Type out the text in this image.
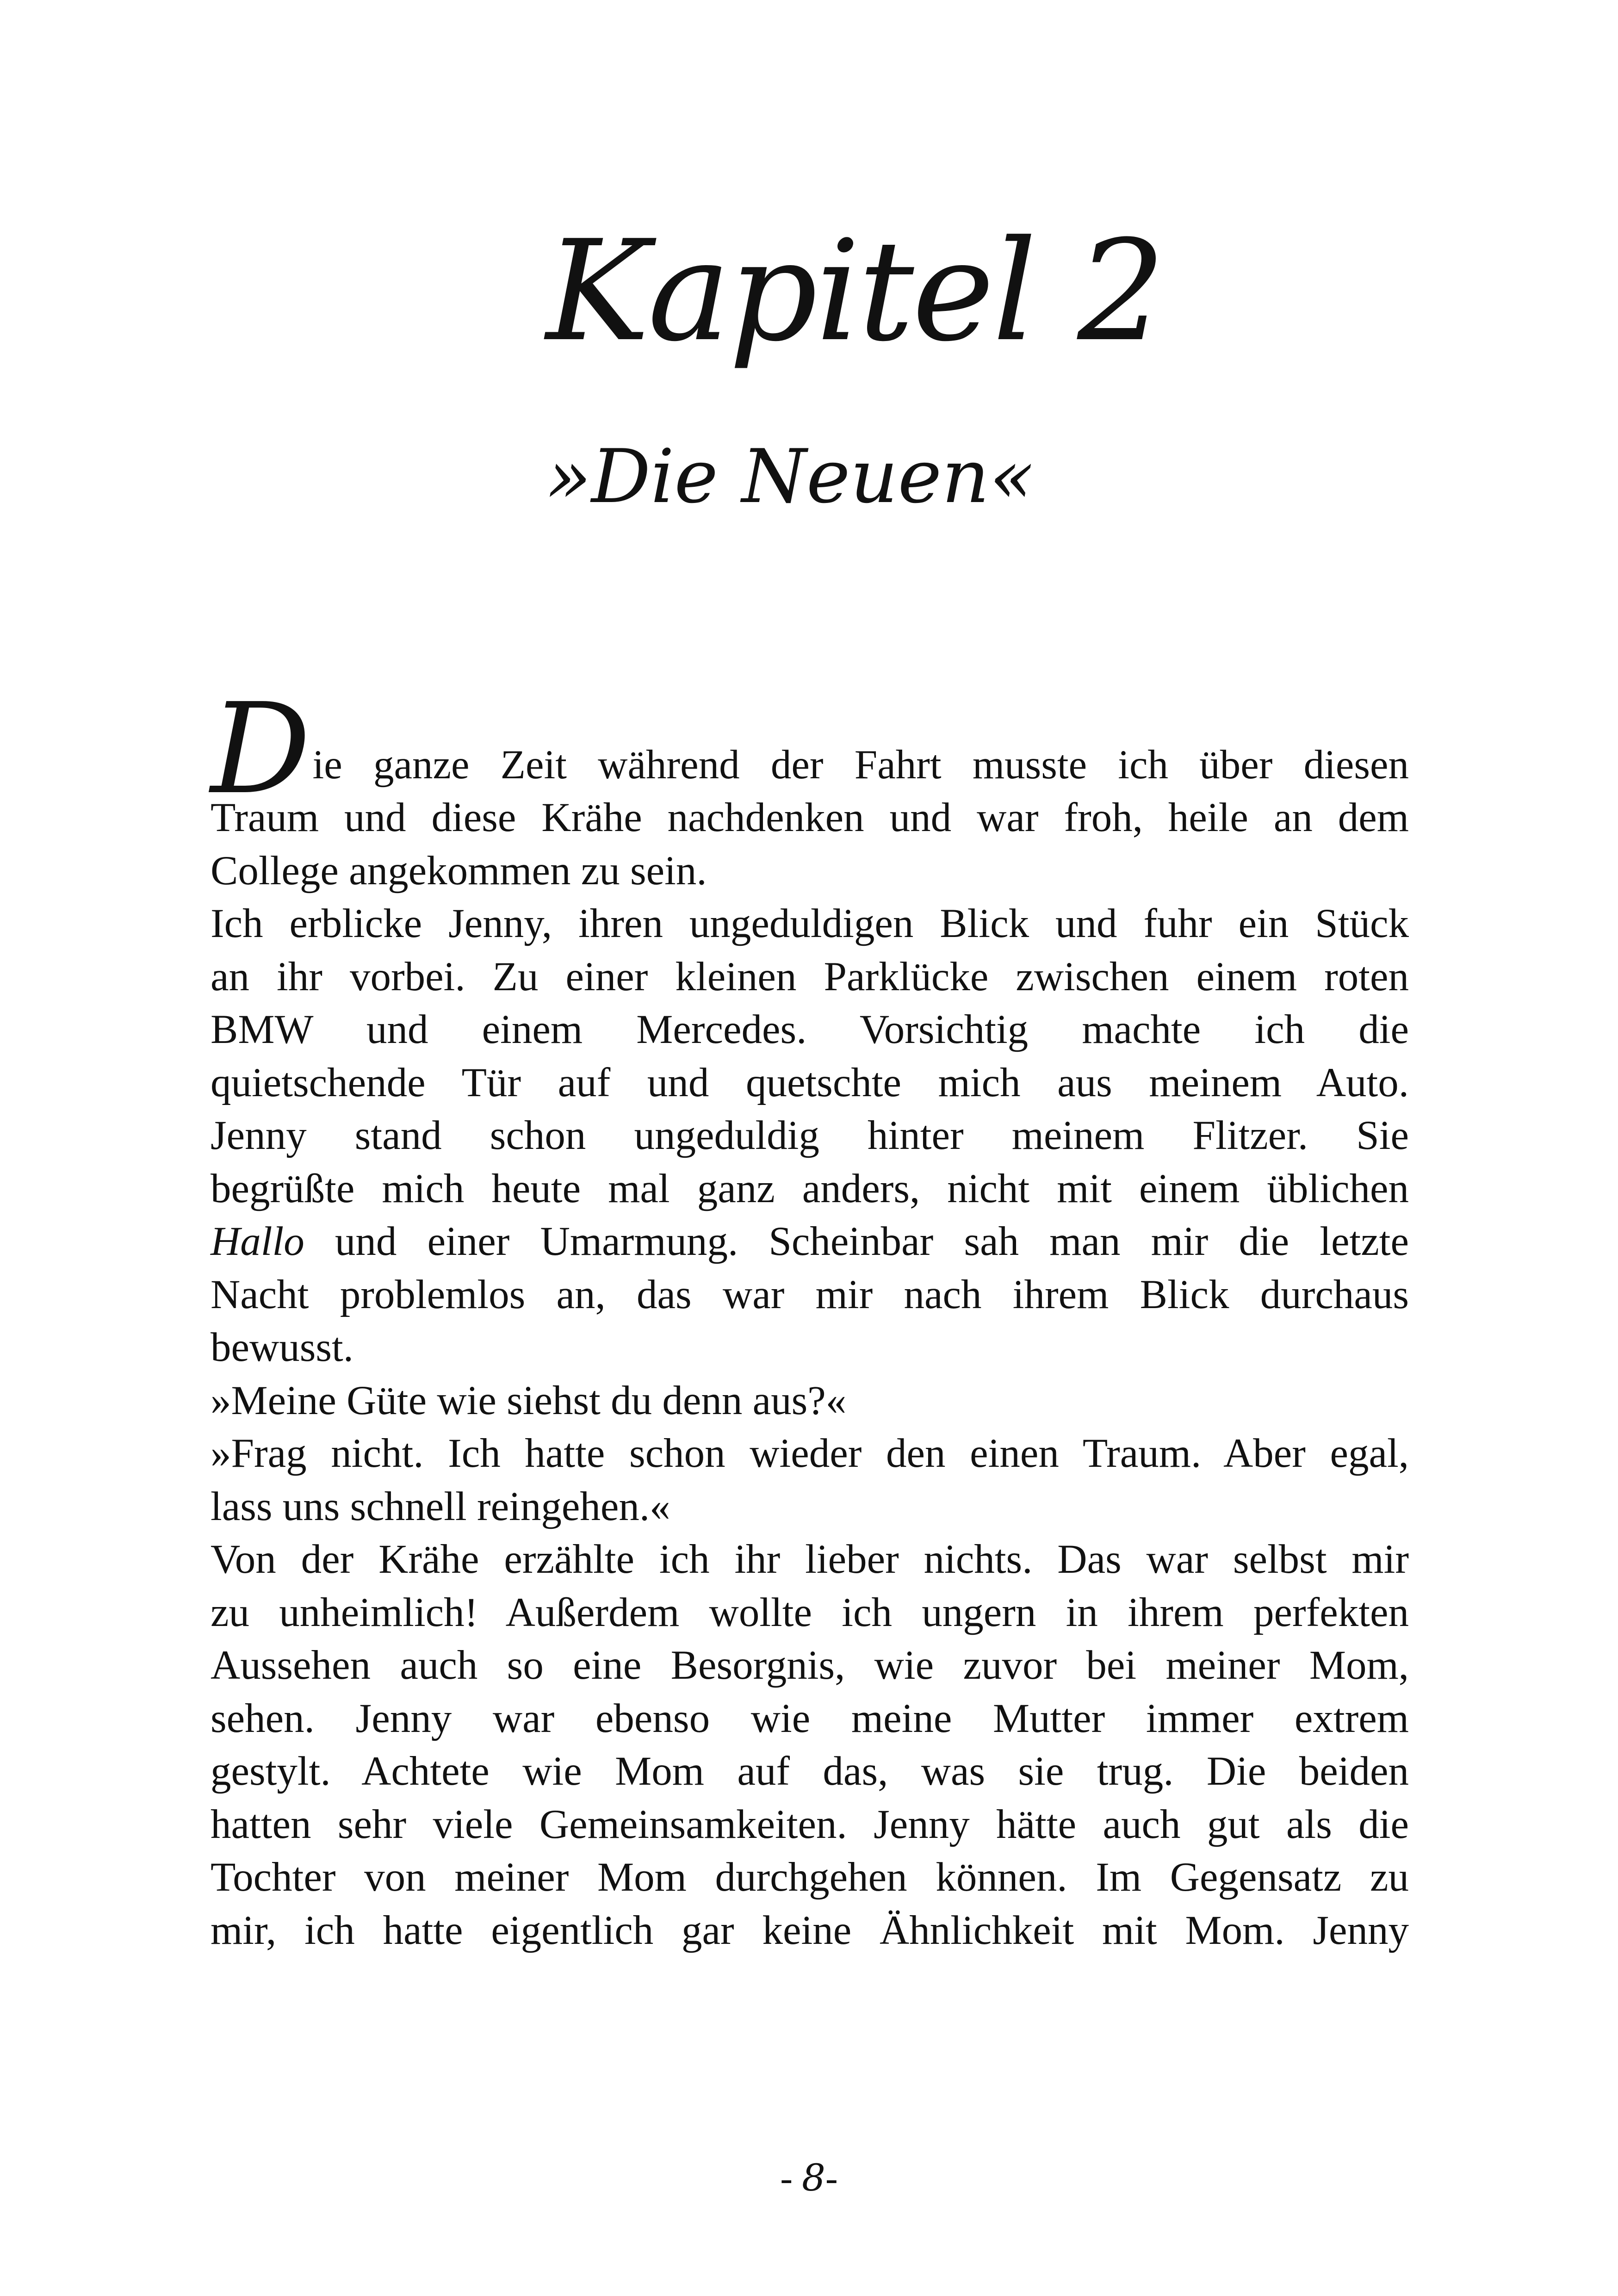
Kapitel 2
»Die Neuen«
D ie ganze Zeit während der Fahrt musste ich über diesen
Traum und diese Krähe nachdenken und war froh, heile an dem
College angekommen zu sein.
Ich erblicke Jenny, ihren ungeduldigen Blick und fuhr ein Stück
an ihr vorbei. Zu einer kleinen Parklücke zwischen einem roten
BMW und einem Mercedes. Vorsichtig machte ich die
quietschende Tür auf und quetschte mich aus meinem Auto.
Jenny stand schon ungeduldig hinter meinem Flitzer. Sie
begrüßte mich heute mal ganz anders, nicht mit einem üblichen
Hallo und einer Umarmung. Scheinbar sah man mir die letzte
Nacht problemlos an, das war mir nach ihrem Blick durchaus
bewusst.
»Meine Güte wie siehst du denn aus?«
»Frag nicht. Ich hatte schon wieder den einen Traum. Aber egal,
lass uns schnell reingehen.«
Von der Krähe erzählte ich ihr lieber nichts. Das war selbst mir
zu unheimlich! Außerdem wollte ich ungern in ihrem perfekten
Aussehen auch so eine Besorgnis, wie zuvor bei meiner Mom,
sehen. Jenny war ebenso wie meine Mutter immer extrem
gestylt. Achtete wie Mom auf das, was sie trug. Die beiden
hatten sehr viele Gemeinsamkeiten. Jenny hätte auch gut als die
Tochter von meiner Mom durchgehen können. Im Gegensatz zu
mir, ich hatte eigentlich gar keine Ähnlichkeit mit Mom. Jenny
- 8-
